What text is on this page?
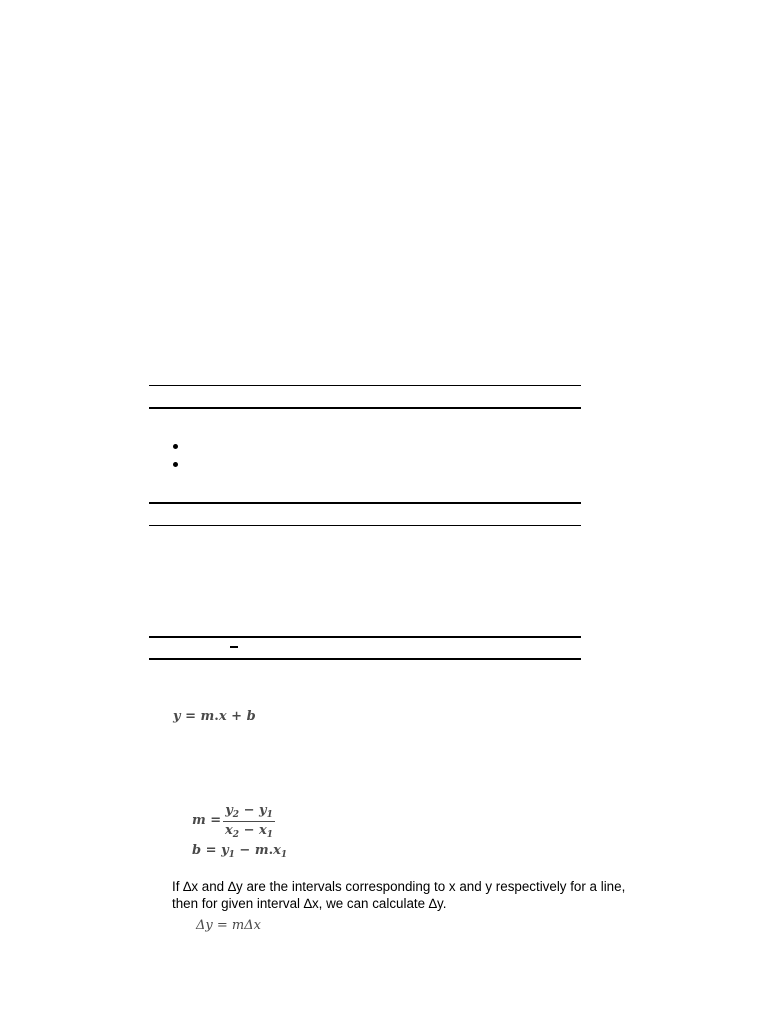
y = m.x + b
$m = \frac{y_2 - y_1}{x_2 - x_1}$
$b = y_1 - m.x_1$
If ∆x and ∆y are the intervals corresponding to x and y respectively for a line,
then for given interval ∆x, we can calculate ∆y.
Δy = mΔx
